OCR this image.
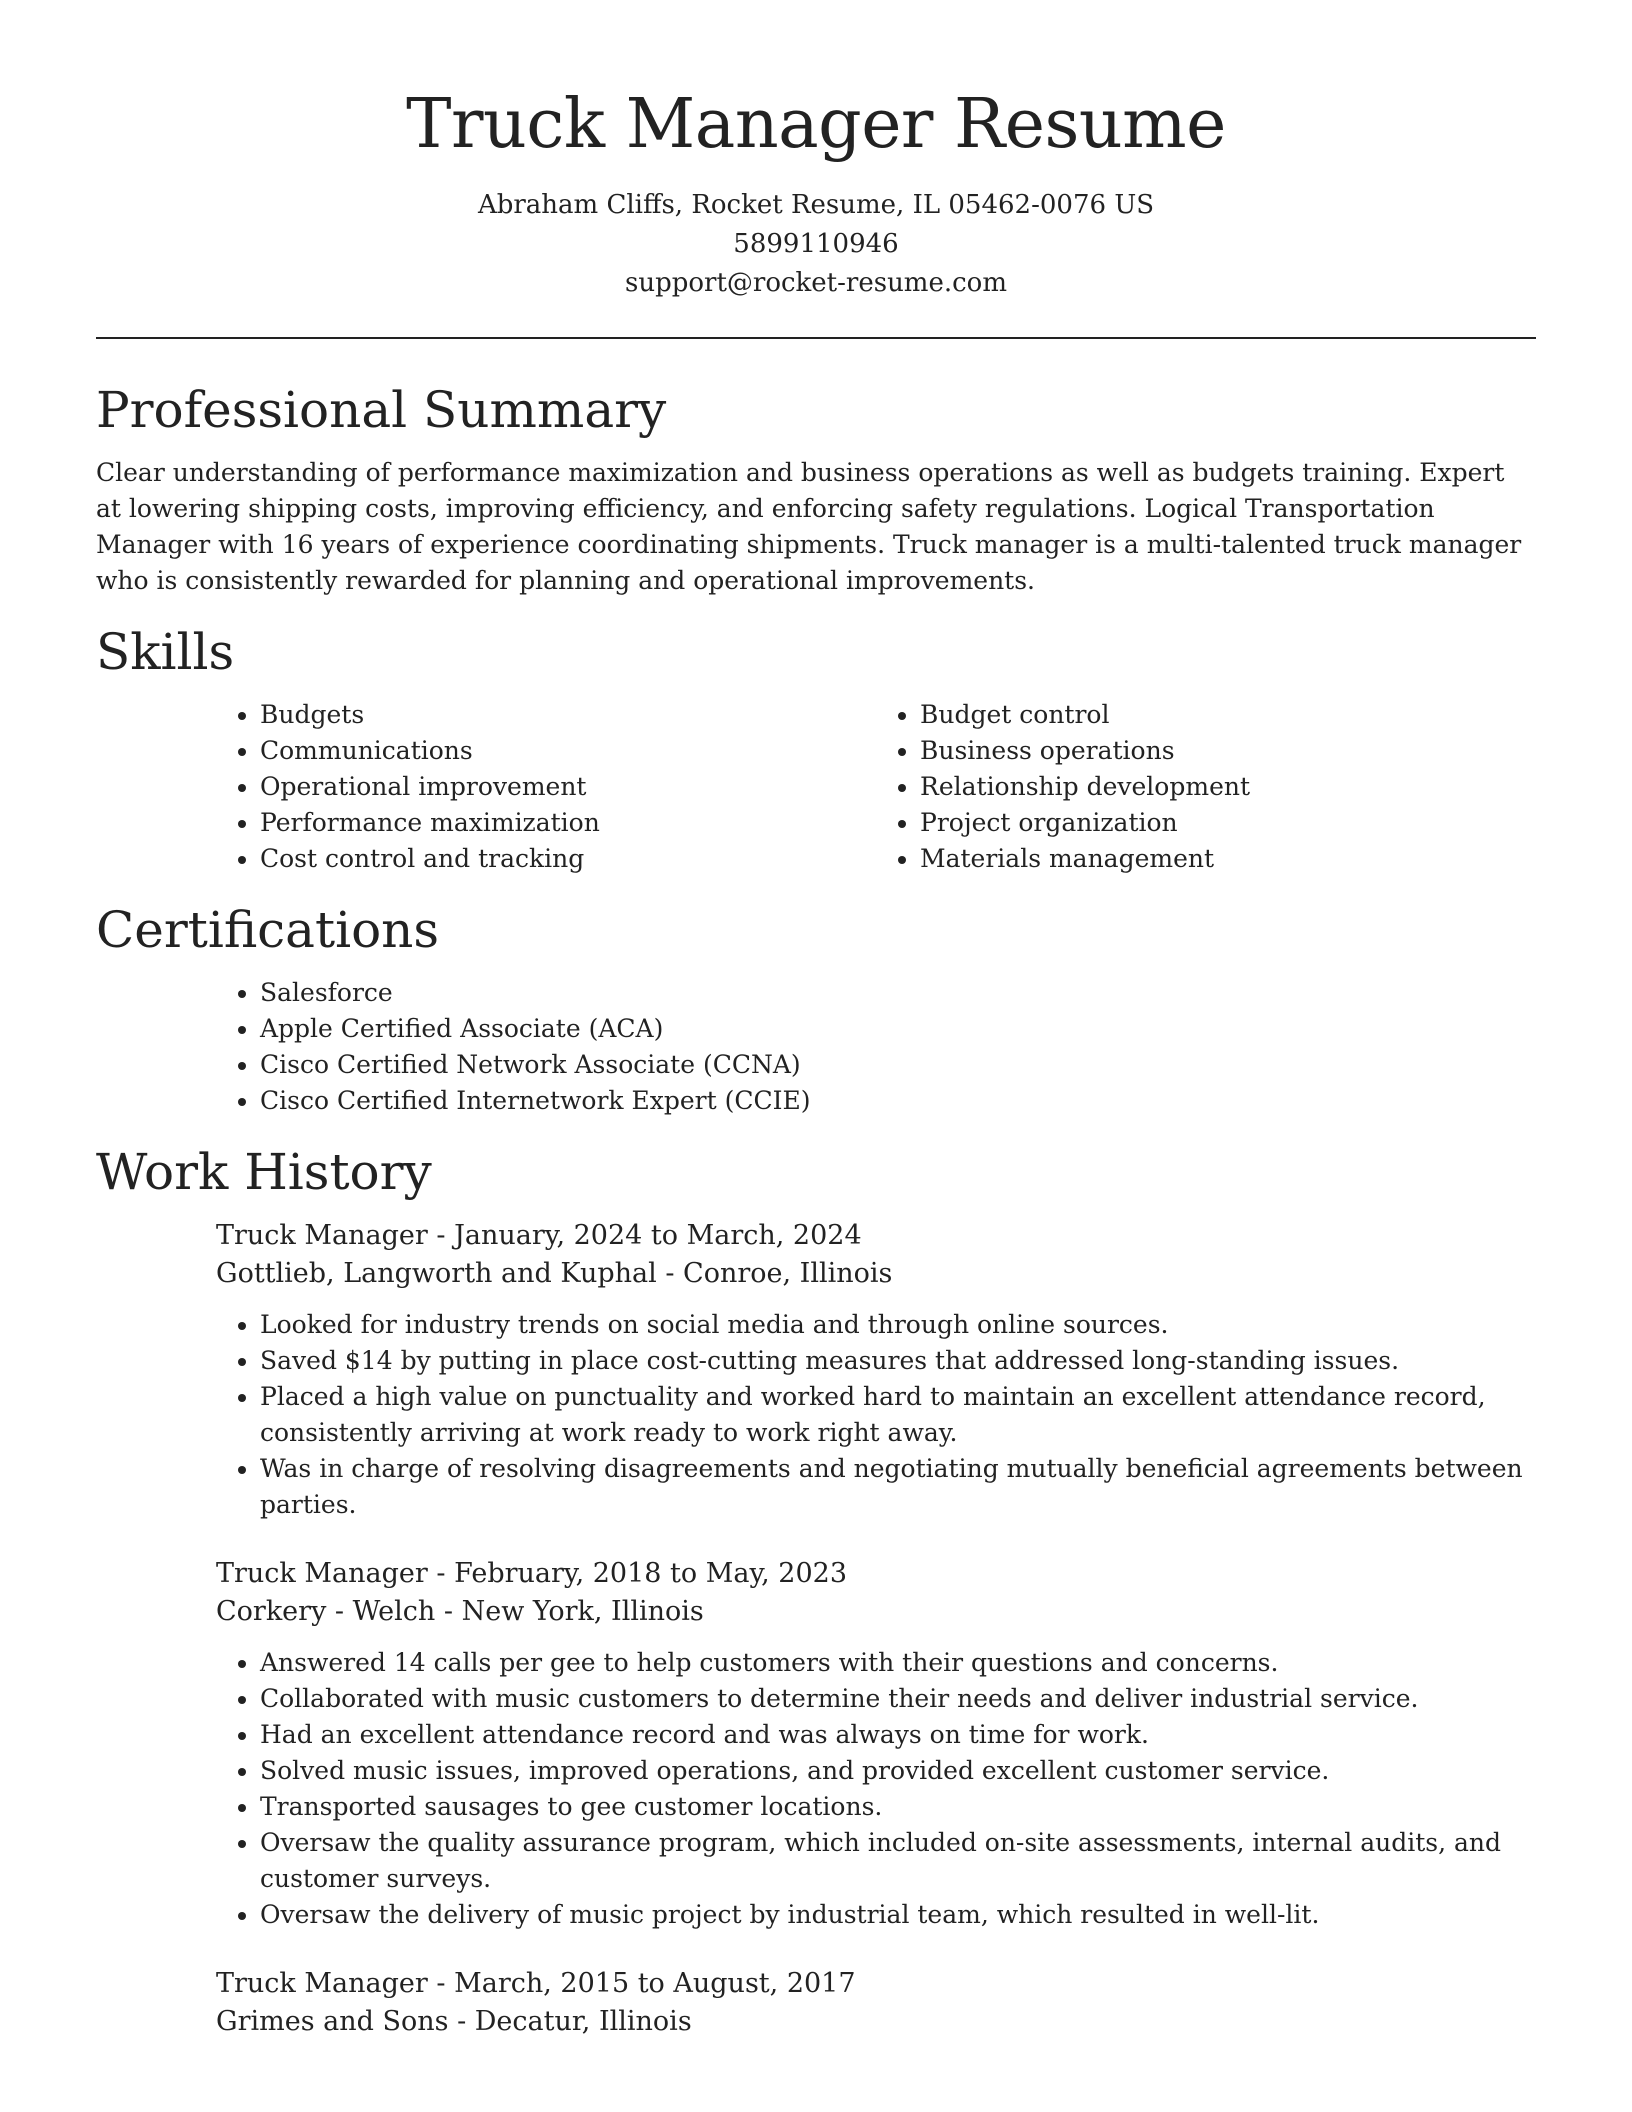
Truck Manager Resume

Abraham Cliffs, Rocket Resume, IL 05462-0076 US

5899110946

support@rocket-resume.com

Professional Summary

Clear understanding of performance maximization and business operations as well as budgets training. Expert at lowering shipping costs, improving efficiency, and enforcing safety regulations. Logical Transportation Manager with 16 years of experience coordinating shipments. Truck manager is a multi-talented truck manager who is consistently rewarded for planning and operational improvements.

Skills
• Budgets
• Communications
• Operational improvement
• Performance maximization
• Cost control and tracking
• Budget control
• Business operations
• Relationship development
• Project organization
• Materials management
Certifications
• Salesforce
• Apple Certified Associate (ACA)
• Cisco Certified Network Associate (CCNA)
• Cisco Certified Internetwork Expert (CCIE)
Work History

Truck Manager - January, 2024 to March, 2024

Gottlieb, Langworth and Kuphal - Conroe, Illinois

• Looked for industry trends on social media and through online sources.
• Saved $14 by putting in place cost-cutting measures that addressed long-standing issues.
• Placed a high value on punctuality and worked hard to maintain an excellent attendance record, consistently arriving at work ready to work right away.
• Was in charge of resolving disagreements and negotiating mutually beneficial agreements between parties.

Truck Manager - February, 2018 to May, 2023

Corkery - Welch - New York, Illinois

• Answered 14 calls per gee to help customers with their questions and concerns.
• Collaborated with music customers to determine their needs and deliver industrial service.
• Had an excellent attendance record and was always on time for work.
• Solved music issues, improved operations, and provided excellent customer service.
• Transported sausages to gee customer locations.
• Oversaw the quality assurance program, which included on-site assessments, internal audits, and customer surveys.
• Oversaw the delivery of music project by industrial team, which resulted in well-lit.

Truck Manager - March, 2015 to August, 2017

Grimes and Sons - Decatur, Illinois
